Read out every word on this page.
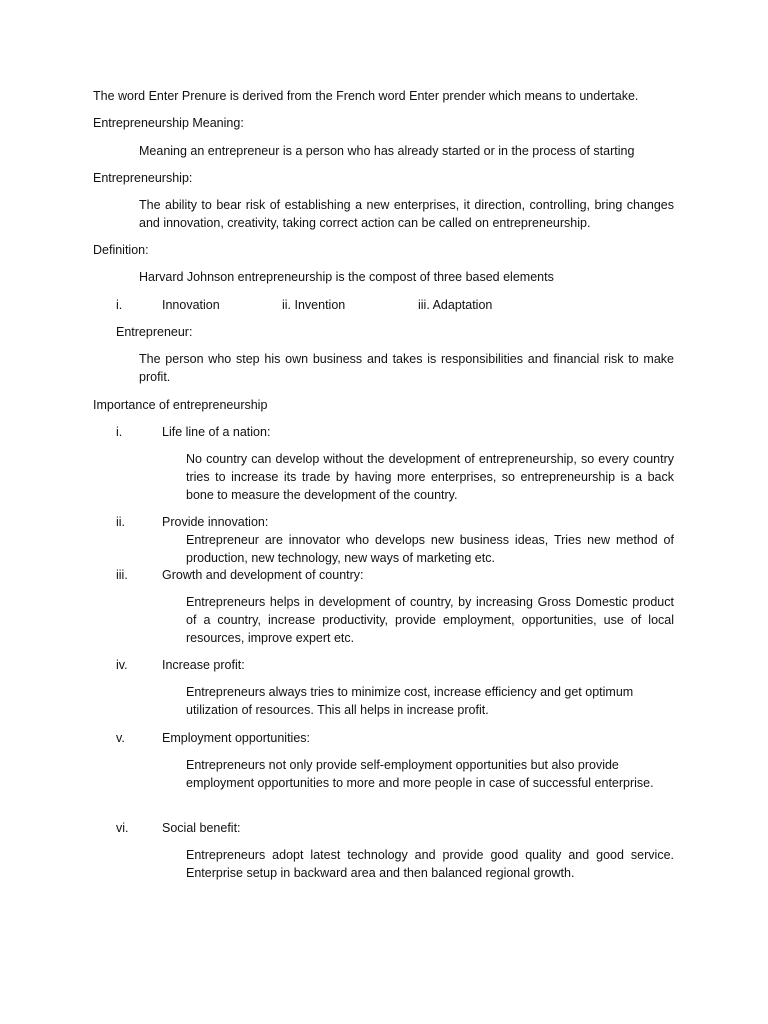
The word Enter Prenure is derived from the French word Enter prender which means to undertake.
Entrepreneurship Meaning:
Meaning an entrepreneur is a person who has already started or in the process of starting
Entrepreneurship:
The ability to bear risk of establishing a new enterprises, it direction, controlling, bring changes and innovation, creativity, taking correct action can be called on entrepreneurship.
Definition:
Harvard Johnson entrepreneurship is the compost of three based elements
i.	Innovation	ii. Invention	iii. Adaptation
Entrepreneur:
The person who step his own business and takes is responsibilities and financial risk to make profit.
Importance of entrepreneurship
i.	Life line of a nation:
No country can develop without the development of entrepreneurship, so every country tries to increase its trade by having more enterprises, so entrepreneurship is a back bone to measure the development of the country.
ii.	Provide innovation:
Entrepreneur are innovator who develops new business ideas, Tries new method of production, new technology, new ways of marketing etc.
iii.	Growth and development of country:
Entrepreneurs helps in development of country, by increasing Gross Domestic product of a country, increase productivity, provide employment, opportunities, use of local resources, improve expert etc.
iv.	Increase profit:
Entrepreneurs always tries to minimize cost, increase efficiency and get optimum utilization of resources. This all helps in increase profit.
v.	Employment opportunities:
Entrepreneurs not only provide self-employment opportunities but also provide employment opportunities to more and more people in case of successful enterprise.
vi.	Social benefit:
Entrepreneurs adopt latest technology and provide good quality and good service. Enterprise setup in backward area and then balanced regional growth.
